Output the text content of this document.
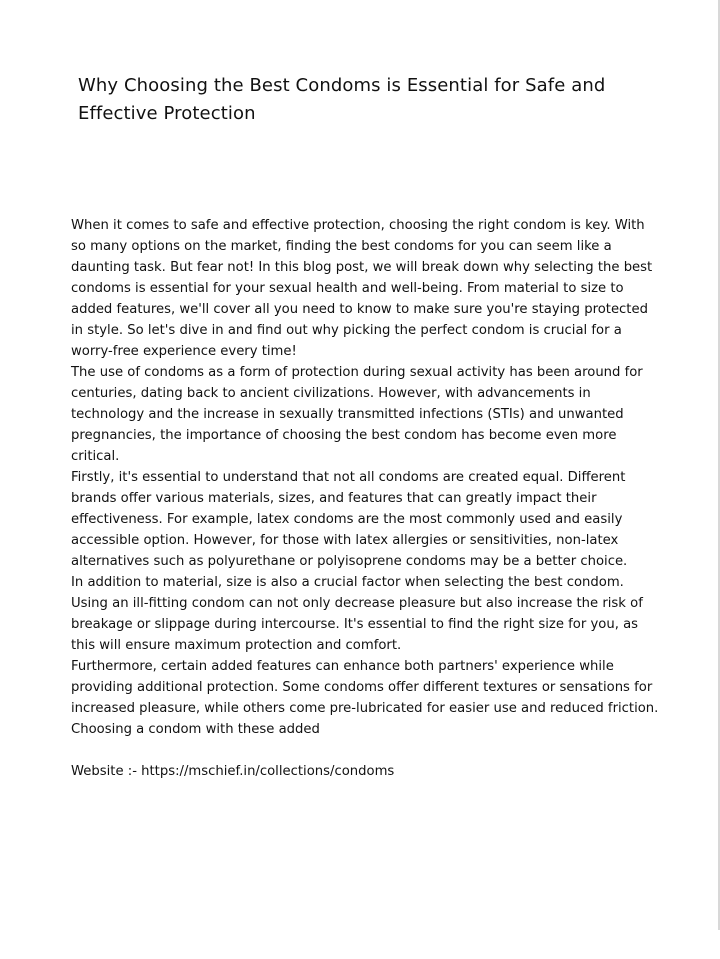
Why Choosing the Best Condoms is Essential for Safe and Effective Protection

When it comes to safe and effective protection, choosing the right condom is key. With so many options on the market, finding the best condoms for you can seem like a daunting task. But fear not! In this blog post, we will break down why selecting the best condoms is essential for your sexual health and well-being. From material to size to added features, we'll cover all you need to know to make sure you're staying protected in style. So let's dive in and find out why picking the perfect condom is crucial for a worry-free experience every time!

The use of condoms as a form of protection during sexual activity has been around for centuries, dating back to ancient civilizations. However, with advancements in technology and the increase in sexually transmitted infections (STIs) and unwanted pregnancies, the importance of choosing the best condom has become even more critical.

Firstly, it's essential to understand that not all condoms are created equal. Different brands offer various materials, sizes, and features that can greatly impact their effectiveness. For example, latex condoms are the most commonly used and easily accessible option. However, for those with latex allergies or sensitivities, non-latex alternatives such as polyurethane or polyisoprene condoms may be a better choice.

In addition to material, size is also a crucial factor when selecting the best condom. Using an ill-fitting condom can not only decrease pleasure but also increase the risk of breakage or slippage during intercourse. It's essential to find the right size for you, as this will ensure maximum protection and comfort.

Furthermore, certain added features can enhance both partners' experience while providing additional protection. Some condoms offer different textures or sensations for increased pleasure, while others come pre-lubricated for easier use and reduced friction. Choosing a condom with these added

Website :- https://mschief.in/collections/condoms
